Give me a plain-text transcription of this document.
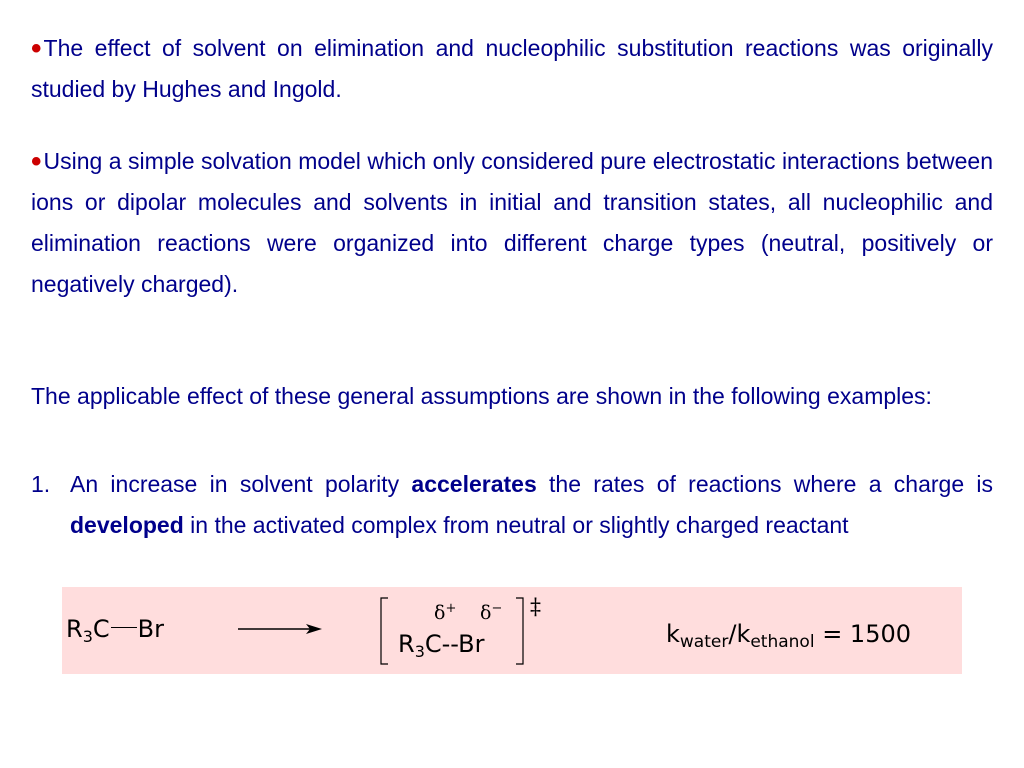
•The effect of solvent on elimination and nucleophilic substitution reactions was originally studied by Hughes and Ingold.
•Using a simple solvation model which only considered pure electrostatic interactions between ions or dipolar molecules and solvents in initial and transition states, all nucleophilic and elimination reactions were organized into different charge types (neutral, positively or negatively charged).
The applicable effect of these general assumptions are shown in the following examples:
1. An increase in solvent polarity accelerates the rates of reactions where a charge is developed in the activated complex from neutral or slightly charged reactant
$R_3C$ Br
δ+ δ− ‡
$R_3C--Br$	$k_{water}/k_{ethanol} = 1500$
